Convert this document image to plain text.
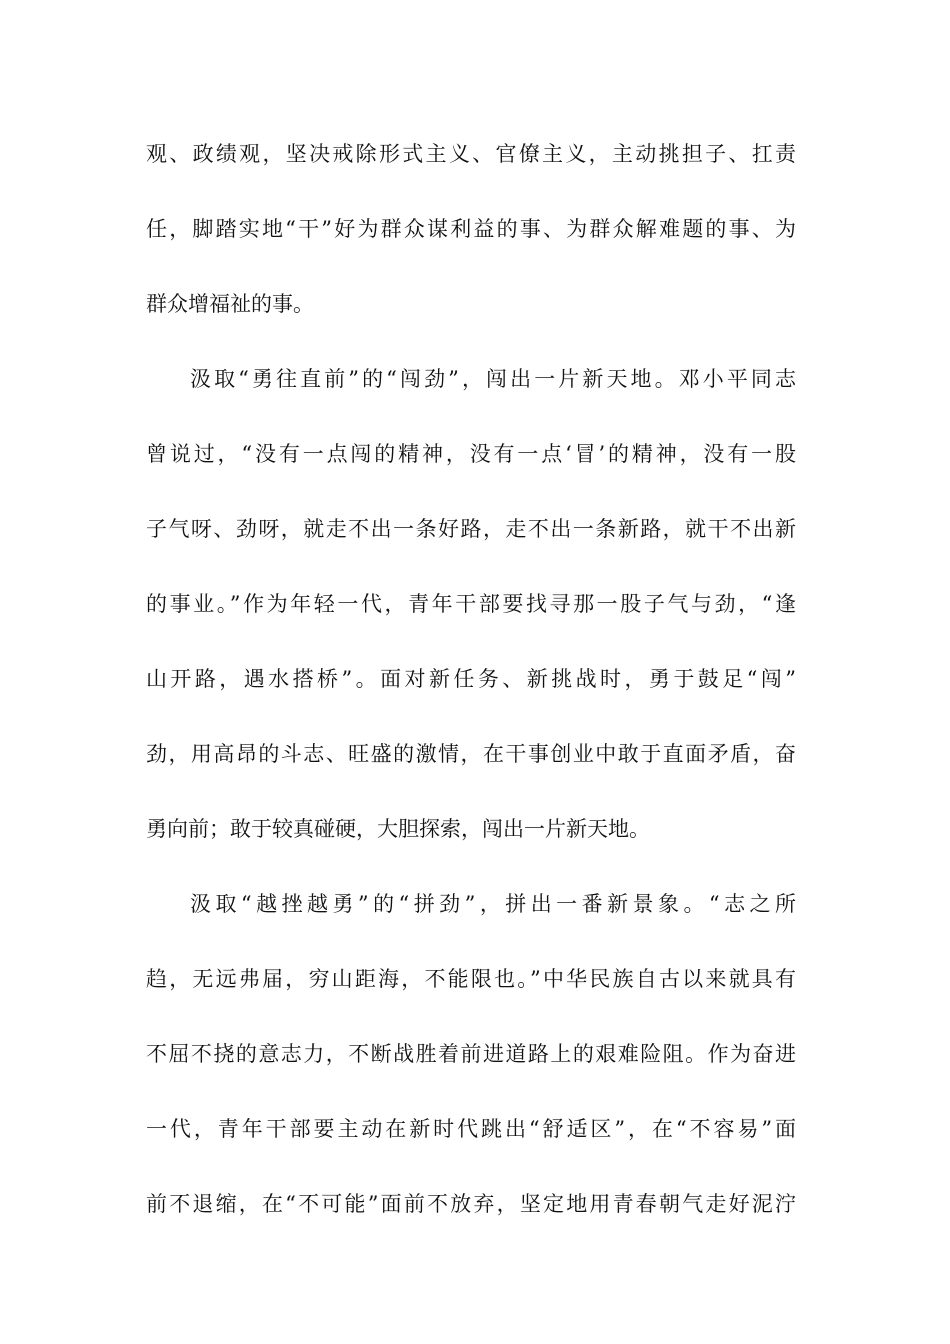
观、政绩观，坚决戒除形式主义、官僚主义，主动挑担子、扛责
任，脚踏实地“干”好为群众谋利益的事、为群众解难题的事、为
群众增福祉的事。
汲取“勇往直前”的“闯劲”，闯出一片新天地。邓小平同志
曾说过，“没有一点闯的精神，没有一点‘冒’的精神，没有一股
子气呀、劲呀，就走不出一条好路，走不出一条新路，就干不出新
的事业。”作为年轻一代，青年干部要找寻那一股子气与劲，“逢
山开路，遇水搭桥”。面对新任务、新挑战时，勇于鼓足“闯”
劲，用高昂的斗志、旺盛的激情，在干事创业中敢于直面矛盾，奋
勇向前；敢于较真碰硬，大胆探索，闯出一片新天地。
汲取“越挫越勇”的“拼劲”，拼出一番新景象。“志之所
趋，无远弗届，穷山距海，不能限也。”中华民族自古以来就具有
不屈不挠的意志力，不断战胜着前进道路上的艰难险阻。作为奋进
一代，青年干部要主动在新时代跳出“舒适区”，在“不容易”面
前不退缩，在“不可能”面前不放弃，坚定地用青春朝气走好泥泞
